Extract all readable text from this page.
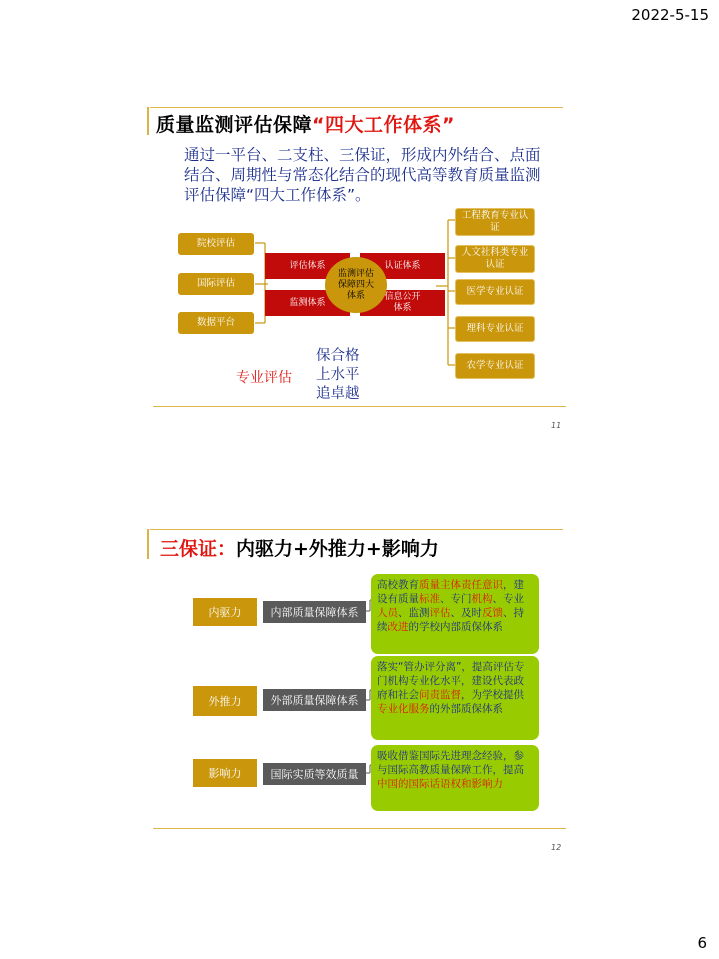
2022-5-15
质量监测评估保障“四大工作体系”
通过一平台、二支柱、三保证，形成内外结合、点面结合、周期性与常态化结合的现代高等教育质量监测评估保障“四大工作体系”。
院校评估
国际评估
数据平台
评估体系	认证体系
监测体系
信息公开
体系
监测评估
保障四大
体系
工程教育专业认
证
人文社科类专业
认证
医学专业认证
理科专业认证
农学专业认证
专业评估
保合格
上水平
追卓越
11
三保证：内驱力+外推力+影响力
内驱力	内部质量保障体系
高校教育质量主体责任意识，建设有质量标准、专门机构、专业人员、监测评估、及时反馈、持续改进的学校内部质保体系
外推力	外部质量保障体系
落实“管办评分离”，提高评估专门机构专业化水平，建设代表政府和社会问责监督，为学校提供专业化服务的外部质保体系
影响力	国际实质等效质量
吸收借鉴国际先进理念经验，参与国际高教质量保障工作，提高中国的国际话语权和影响力
12
6
